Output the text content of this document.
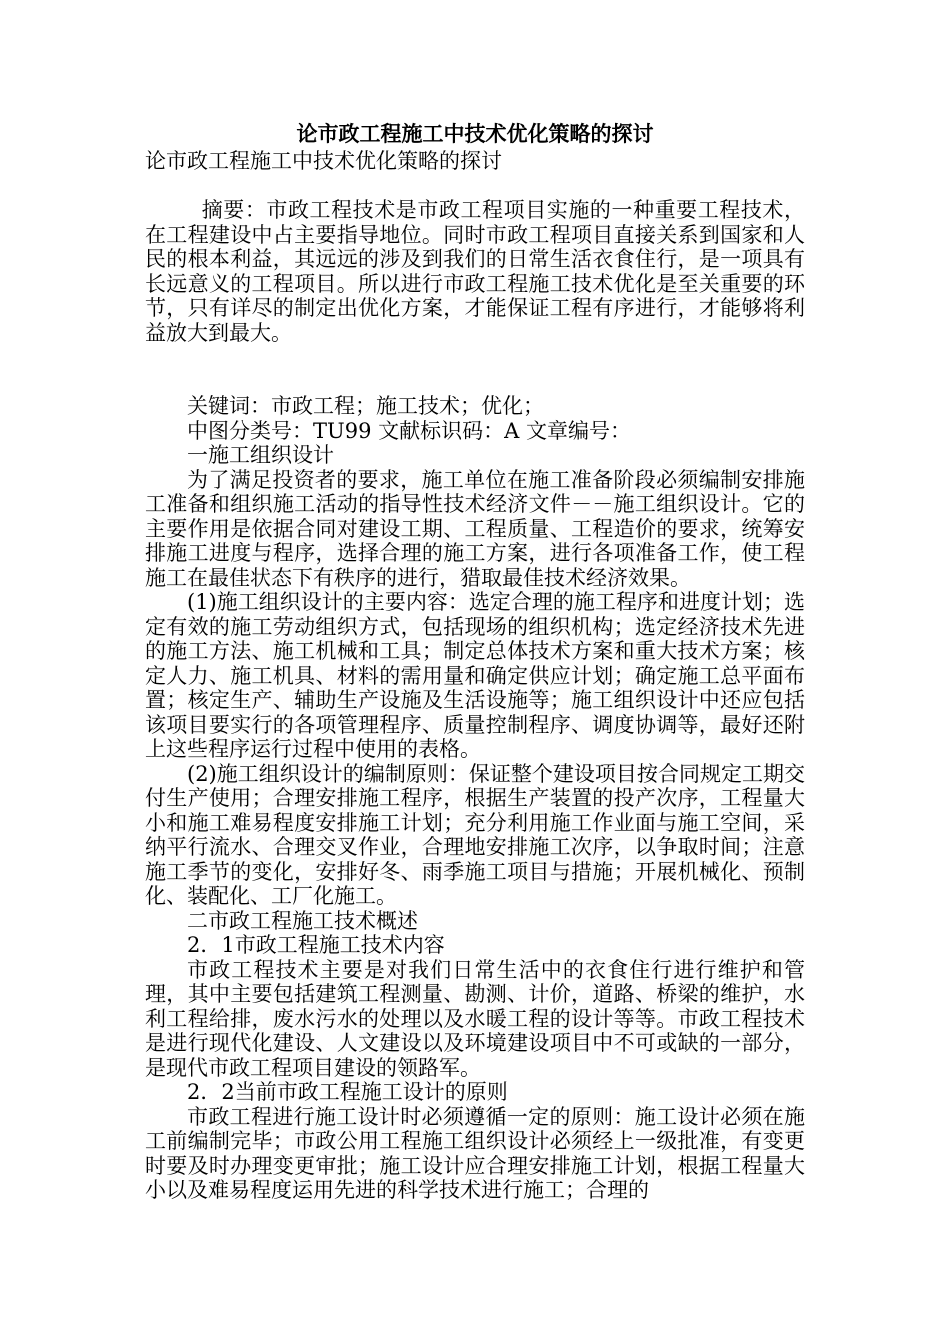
论市政工程施工中技术优化策略的探讨

论市政工程施工中技术优化策略的探讨

摘要：市政工程技术是市政工程项目实施的一种重要工程技术，在工程建设中占主要指导地位。同时市政工程项目直接关系到国家和人民的根本利益，其远远的涉及到我们的日常生活衣食住行，是一项具有长远意义的工程项目。所以进行市政工程施工技术优化是至关重要的环节，只有详尽的制定出优化方案，才能保证工程有序进行，才能够将利益放大到最大。

关键词：市政工程；施工技术；优化；

中图分类号：TU99 文献标识码：A 文章编号：

一施工组织设计

为了满足投资者的要求，施工单位在施工准备阶段必须编制安排施工准备和组织施工活动的指导性技术经济文件－－施工组织设计。它的主要作用是依据合同对建设工期、工程质量、工程造价的要求，统筹安排施工进度与程序，选择合理的施工方案，进行各项准备工作，使工程施工在最佳状态下有秩序的进行，猎取最佳技术经济效果。

(1)施工组织设计的主要内容：选定合理的施工程序和进度计划；选定有效的施工劳动组织方式，包括现场的组织机构；选定经济技术先进的施工方法、施工机械和工具；制定总体技术方案和重大技术方案；核定人力、施工机具、材料的需用量和确定供应计划；确定施工总平面布置；核定生产、辅助生产设施及生活设施等；施工组织设计中还应包括该项目要实行的各项管理程序、质量控制程序、调度协调等，最好还附上这些程序运行过程中使用的表格。

(2)施工组织设计的编制原则：保证整个建设项目按合同规定工期交付生产使用；合理安排施工程序，根据生产装置的投产次序，工程量大小和施工难易程度安排施工计划；充分利用施工作业面与施工空间，采纳平行流水、合理交叉作业，合理地安排施工次序，以争取时间；注意施工季节的变化，安排好冬、雨季施工项目与措施；开展机械化、预制化、装配化、工厂化施工。

二市政工程施工技术概述

2．1市政工程施工技术内容

市政工程技术主要是对我们日常生活中的衣食住行进行维护和管理，其中主要包括建筑工程测量、勘测、计价，道路、桥梁的维护，水利工程给排，废水污水的处理以及水暖工程的设计等等。市政工程技术是进行现代化建设、人文建设以及环境建设项目中不可或缺的一部分，是现代市政工程项目建设的领路军。

2．2当前市政工程施工设计的原则

市政工程进行施工设计时必须遵循一定的原则：施工设计必须在施工前编制完毕；市政公用工程施工组织设计必须经上一级批准，有变更时要及时办理变更审批；施工设计应合理安排施工计划，根据工程量大小以及难易程度运用先进的科学技术进行施工；合理的
